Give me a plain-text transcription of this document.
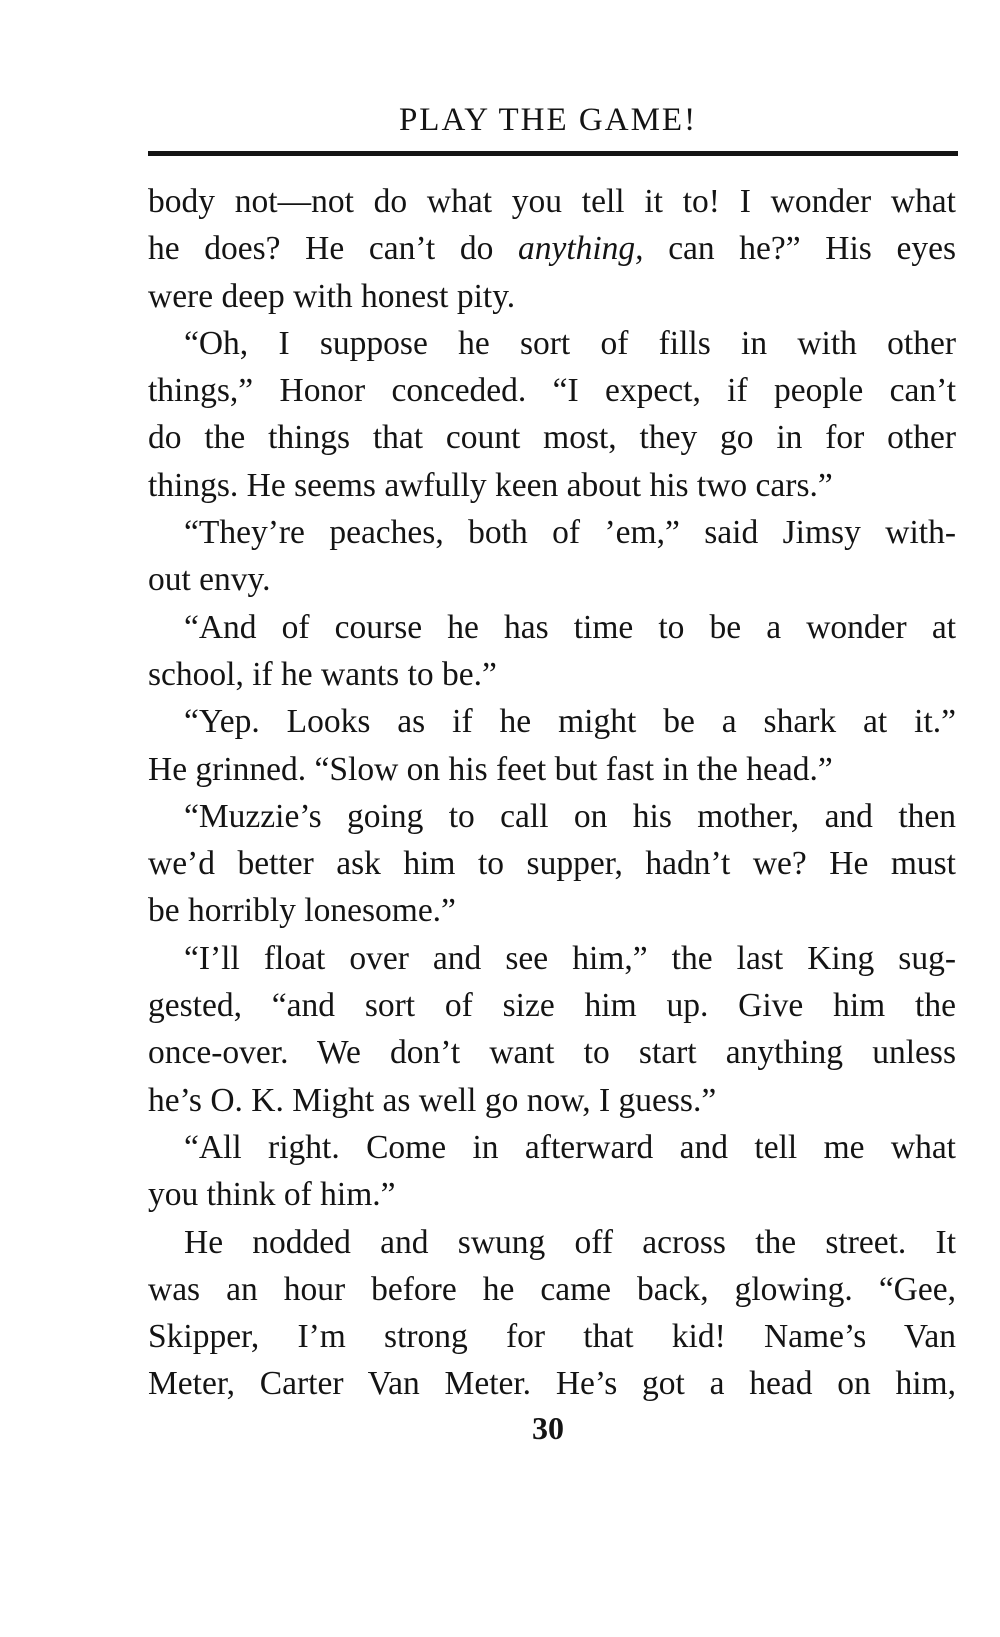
PLAY THE GAME!
body not—not do what you tell it to! I wonder what
he does? He can’t do anything, can he?” His eyes
were deep with honest pity.
“Oh, I suppose he sort of fills in with other
things,” Honor conceded. “I expect, if people can’t
do the things that count most, they go in for other
things. He seems awfully keen about his two cars.”
“They’re peaches, both of ’em,” said Jimsy with-
out envy.
“And of course he has time to be a wonder at
school, if he wants to be.”
“Yep. Looks as if he might be a shark at it.”
He grinned. “Slow on his feet but fast in the head.”
“Muzzie’s going to call on his mother, and then
we’d better ask him to supper, hadn’t we? He must
be horribly lonesome.”
“I’ll float over and see him,” the last King sug-
gested, “and sort of size him up. Give him the
once-over. We don’t want to start anything unless
he’s O. K. Might as well go now, I guess.”
“All right. Come in afterward and tell me what
you think of him.”
He nodded and swung off across the street. It
was an hour before he came back, glowing. “Gee,
Skipper, I’m strong for that kid! Name’s Van
Meter, Carter Van Meter. He’s got a head on him,
30
